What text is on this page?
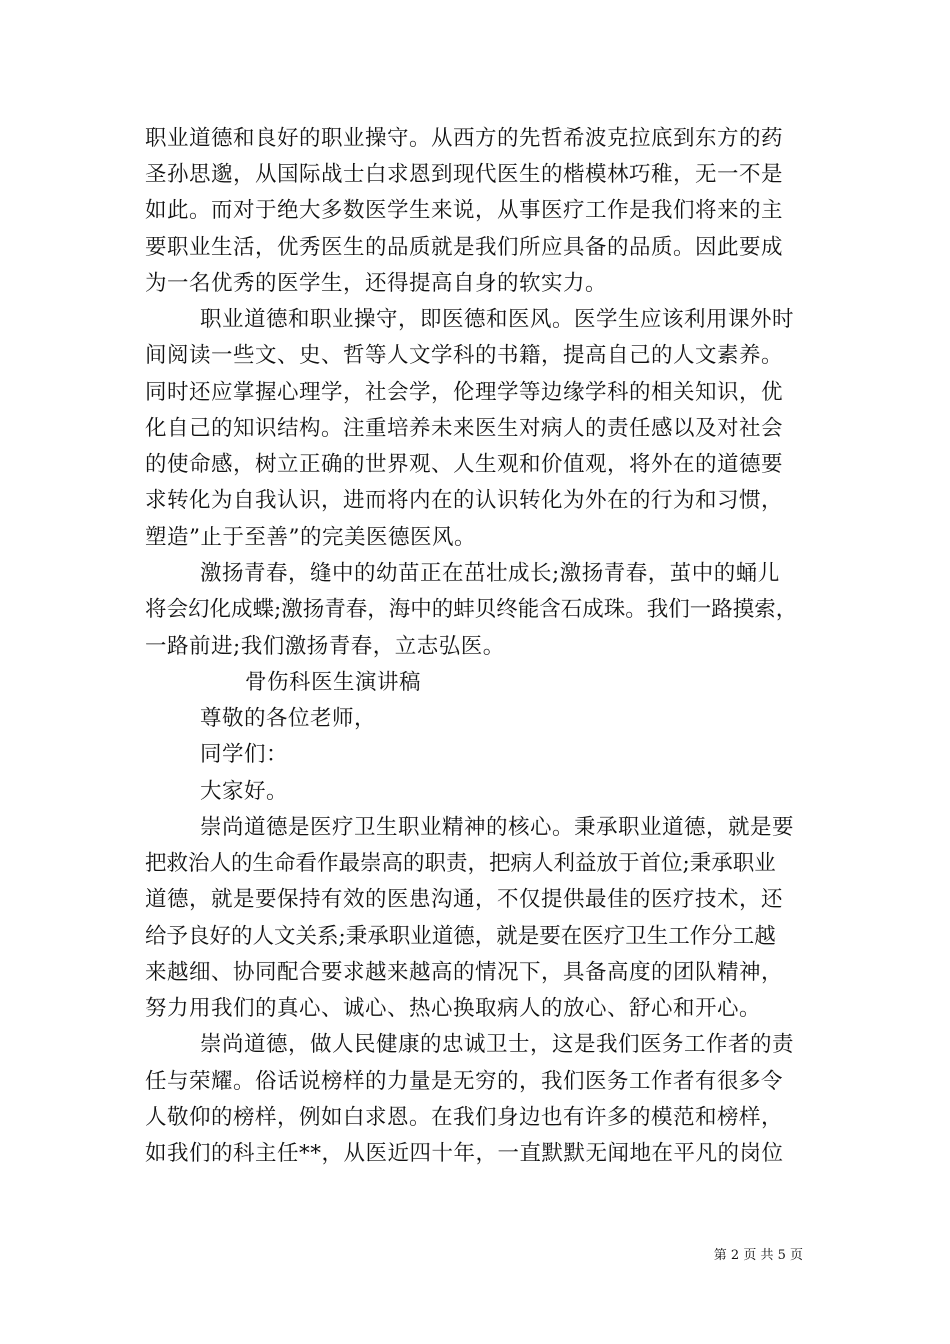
职业道德和良好的职业操守。从西方的先哲希波克拉底到东方的药
圣孙思邈，从国际战士白求恩到现代医生的楷模林巧稚，无一不是
如此。而对于绝大多数医学生来说，从事医疗工作是我们将来的主
要职业生活，优秀医生的品质就是我们所应具备的品质。因此要成
为一名优秀的医学生，还得提高自身的软实力。
职业道德和职业操守，即医德和医风。医学生应该利用课外时
间阅读一些文、史、哲等人文学科的书籍，提高自己的人文素养。
同时还应掌握心理学，社会学，伦理学等边缘学科的相关知识，优
化自己的知识结构。注重培养未来医生对病人的责任感以及对社会
的使命感，树立正确的世界观、人生观和价值观，将外在的道德要
求转化为自我认识，进而将内在的认识转化为外在的行为和习惯，
塑造”止于至善”的完美医德医风。
激扬青春，缝中的幼苗正在茁壮成长;激扬青春，茧中的蛹儿
将会幻化成蝶;激扬青春，海中的蚌贝终能含石成珠。我们一路摸索，
一路前进;我们激扬青春，立志弘医。
骨伤科医生演讲稿
尊敬的各位老师，
同学们：
大家好。
崇尚道德是医疗卫生职业精神的核心。秉承职业道德，就是要
把救治人的生命看作最崇高的职责，把病人利益放于首位;秉承职业
道德，就是要保持有效的医患沟通，不仅提供最佳的医疗技术，还
给予良好的人文关系;秉承职业道德，就是要在医疗卫生工作分工越
来越细、协同配合要求越来越高的情况下，具备高度的团队精神，
努力用我们的真心、诚心、热心换取病人的放心、舒心和开心。
崇尚道德，做人民健康的忠诚卫士，这是我们医务工作者的责
任与荣耀。俗话说榜样的力量是无穷的，我们医务工作者有很多令
人敬仰的榜样，例如白求恩。在我们身边也有许多的模范和榜样，
如我们的科主任**，从医近四十年，一直默默无闻地在平凡的岗位
第 2 页 共 5 页
